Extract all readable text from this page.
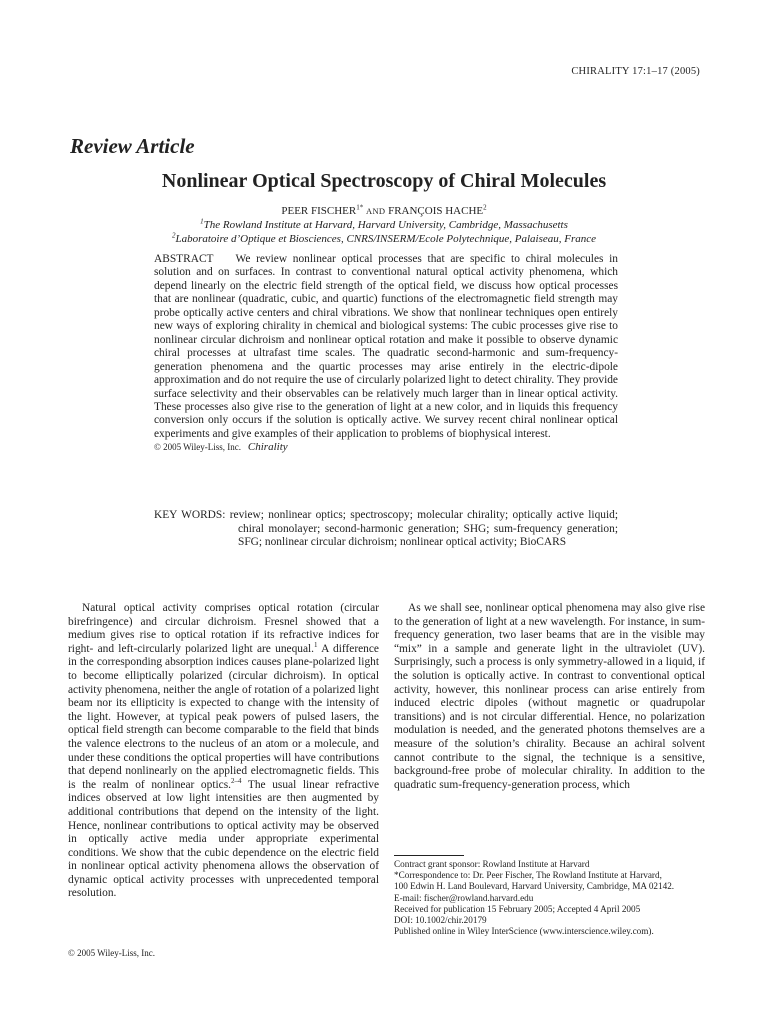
CHIRALITY 17:1–17 (2005)
Review Article
Nonlinear Optical Spectroscopy of Chiral Molecules
PEER $FISCHER^{1*}$ AND FRANÇOIS HACHE$^2$
$^1$The Rowland Institute at Harvard, Harvard University, Cambridge, Massachusetts
$^2$Laboratoire d’Optique et Biosciences, CNRS/INSERM/Ecole Polytechnique, Palaiseau, France
ABSTRACT We review nonlinear optical processes that are specific to chiral molecules in solution and on surfaces. In contrast to conventional natural optical activity phenomena, which depend linearly on the electric field strength of the optical field, we discuss how optical processes that are nonlinear (quadratic, cubic, and quartic) functions of the electromagnetic field strength may probe optically active centers and chiral vibrations. We show that nonlinear techniques open entirely new ways of exploring chirality in chemical and biological systems: The cubic processes give rise to nonlinear circular dichroism and nonlinear optical rotation and make it possible to observe dynamic chiral processes at ultrafast time scales. The quadratic second-harmonic and sum-frequency-generation phenomena and the quartic processes may arise entirely in the electric-dipole approximation and do not require the use of circularly polarized light to detect chirality. They provide surface selectivity and their observables can be relatively much larger than in linear optical activity. These processes also give rise to the generation of light at a new color, and in liquids this frequency conversion only occurs if the solution is optically active. We survey recent chiral nonlinear optical experiments and give examples of their application to problems of biophysical interest.
© 2005 Wiley-Liss, Inc. Chirality
KEY WORDS: review; nonlinear optics; spectroscopy; molecular chirality; optically active liquid; chiral monolayer; second-harmonic generation; SHG; sum-frequency generation; SFG; nonlinear circular dichroism; nonlinear optical activity; BioCARS

Natural optical activity comprises optical rotation (circular birefringence) and circular dichroism. Fresnel showed that a medium gives rise to optical rotation if its refractive indices for right- and left-circularly polarized light are unequal.$^1$ A difference in the corresponding absorption indices causes plane-polarized light to become elliptically polarized (circular dichroism). In optical activity phenomena, neither the angle of rotation of a polarized light beam nor its ellipticity is expected to change with the intensity of the light. However, at typical peak powers of pulsed lasers, the optical field strength can become comparable to the field that binds the valence electrons to the nucleus of an atom or a molecule, and under these conditions the optical properties will have contributions that depend nonlinearly on the applied electromagnetic fields. This is the realm of nonlinear optics.$^{2-4}$ The usual linear refractive indices observed at low light intensities are then augmented by additional contributions that depend on the intensity of the light. Hence, nonlinear contributions to optical activity may be observed in optically active media under appropriate experimental conditions. We show that the cubic dependence on the electric field in nonlinear optical activity phenomena allows the observation of dynamic optical activity processes with unprecedented temporal resolution.

© 2005 Wiley-Liss, Inc.

As we shall see, nonlinear optical phenomena may also give rise to the generation of light at a new wavelength. For instance, in sum-frequency generation, two laser beams that are in the visible may “mix” in a sample and generate light in the ultraviolet (UV). Surprisingly, such a process is only symmetry-allowed in a liquid, if the solution is optically active. In contrast to conventional optical activity, however, this nonlinear process can arise entirely from induced electric dipoles (without magnetic or quadrupolar transitions) and is not circular differential. Hence, no polarization modulation is needed, and the generated photons themselves are a measure of the solution’s chirality. Because an achiral solvent cannot contribute to the signal, the technique is a sensitive, background-free probe of molecular chirality. In addition to the quadratic sum-frequency-generation process, which

Contract grant sponsor: Rowland Institute at Harvard
*Correspondence to: Dr. Peer Fischer, The Rowland Institute at Harvard,
100 Edwin H. Land Boulevard, Harvard University, Cambridge, MA 02142.
E-mail: fischer@rowland.harvard.edu
Received for publication 15 February 2005; Accepted 4 April 2005
DOI: 10.1002/chir.20179
Published online in Wiley InterScience (www.interscience.wiley.com).
